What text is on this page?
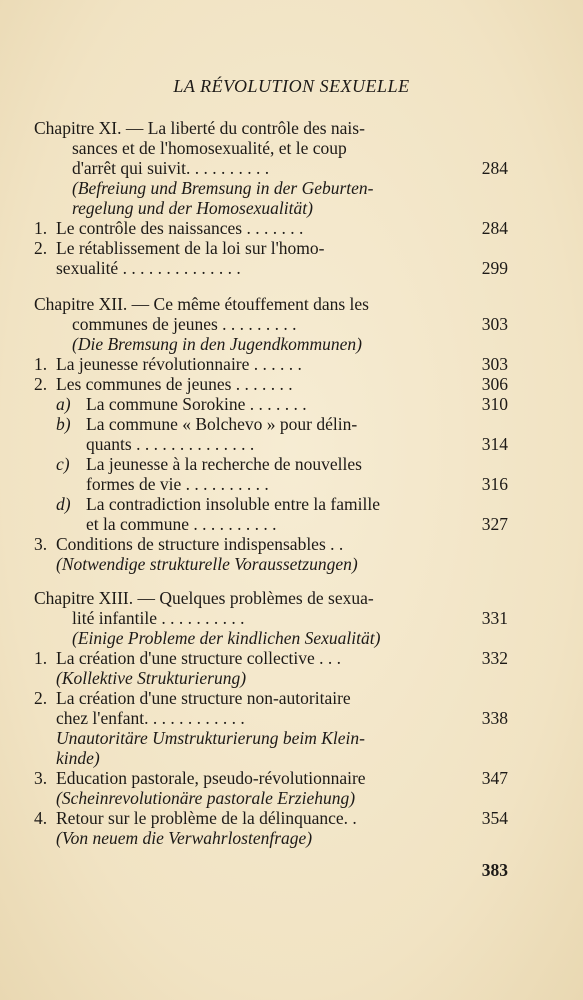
LA RÉVOLUTION SEXUELLE
Chapitre XI. — La liberté du contrôle des nais-
sances et de l'homosexualité, et le coup
d'arrêt qui suivit. . . . . . . . . .	284
(Befreiung und Bremsung in der Geburten-
regelung und der Homosexualität)
1. Le contrôle des naissances . . . . . . .	284
2. Le rétablissement de la loi sur l'homo-
sexualité . . . . . . . . . . . . . .	299
Chapitre XII. — Ce même étouffement dans les
communes de jeunes . . . . . . . . .	303
(Die Bremsung in den Jugendkommunen)
1. La jeunesse révolutionnaire . . . . . .	303
2. Les communes de jeunes . . . . . . .	306
a) La commune Sorokine . . . . . . .	310
b) La commune « Bolchevo » pour délin-
quants . . . . . . . . . . . . . .	314
c) La jeunesse à la recherche de nouvelles
formes de vie . . . . . . . . . .	316
d) La contradiction insoluble entre la famille
et la commune . . . . . . . . . .	327
3. Conditions de structure indispensables . .
(Notwendige strukturelle Voraussetzungen)
Chapitre XIII. — Quelques problèmes de sexua-
lité infantile . . . . . . . . . .	331
(Einige Probleme der kindlichen Sexualität)
1. La création d'une structure collective . . .	332
(Kollektive Strukturierung)
2. La création d'une structure non-autoritaire
chez l'enfant. . . . . . . . . . . .	338
Unautoritäre Umstrukturierung beim Klein-
kinde)
3. Education pastorale, pseudo-révolutionnaire	347
(Scheinrevolutionäre pastorale Erziehung)
4. Retour sur le problème de la délinquance. .	354
(Von neuem die Verwahrlostenfrage)
383
